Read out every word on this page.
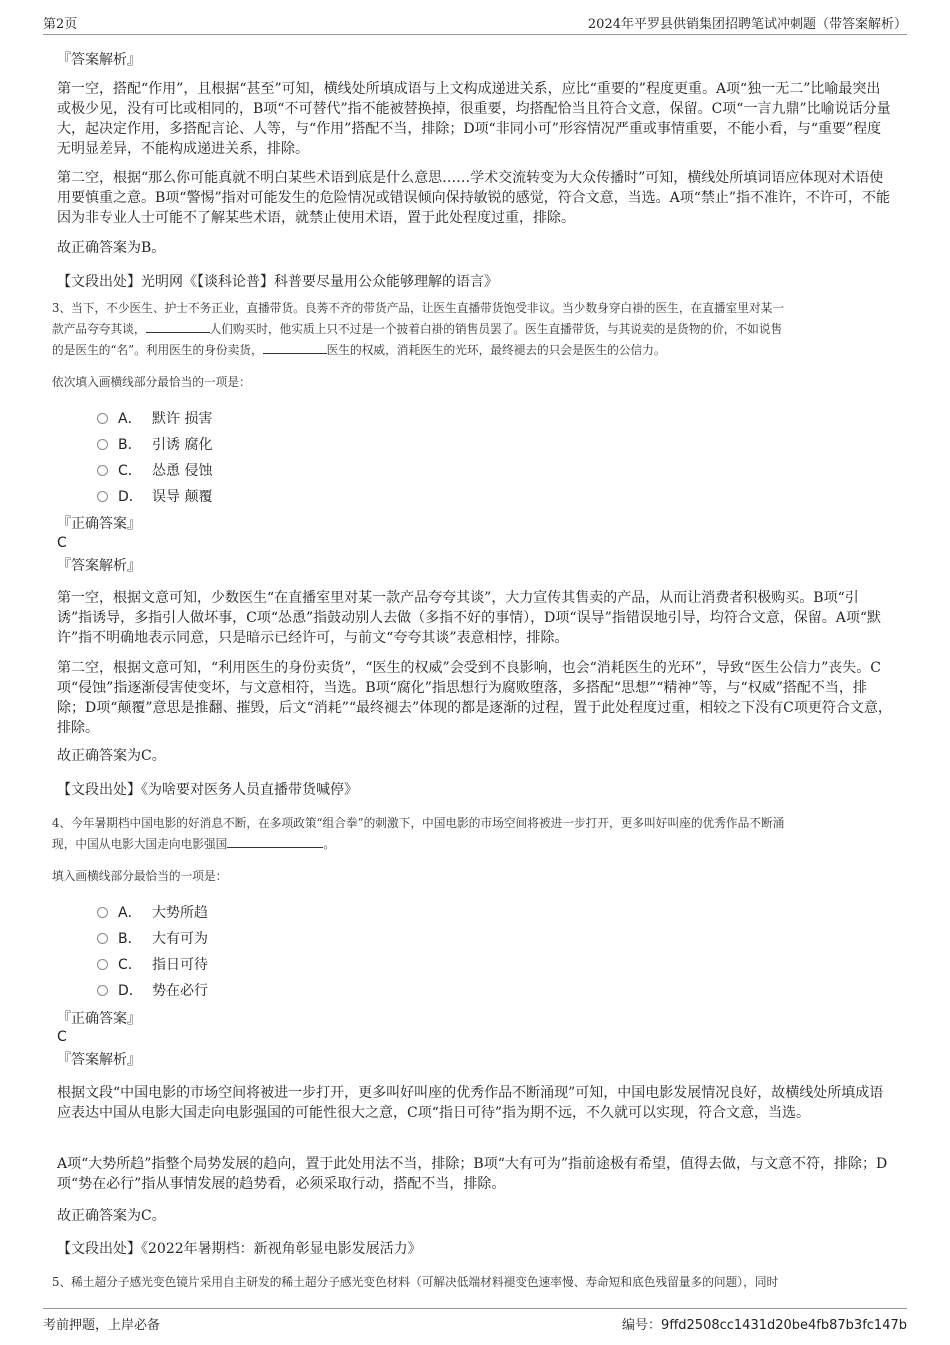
第2页	2024年平罗县供销集团招聘笔试冲刺题（带答案解析）
『答案解析』
第一空，搭配“作用”，且根据“甚至”可知，横线处所填成语与上文构成递进关系，应比“重要的”程度更重。A项“独一无二”比喻最突出或极少见，没有可比或相同的，B项“不可替代”指不能被替换掉，很重要，均搭配恰当且符合文意，保留。C项“一言九鼎”比喻说话分量大，起决定作用，多搭配言论、人等，与“作用”搭配不当，排除；D项“非同小可”形容情况严重或事情重要，不能小看，与“重要”程度无明显差异，不能构成递进关系，排除。
第二空，根据“那么你可能真就不明白某些术语到底是什么意思……学术交流转变为大众传播时”可知，横线处所填词语应体现对术语使用要慎重之意。B项“警惕”指对可能发生的危险情况或错误倾向保持敏锐的感觉，符合文意，当选。A项“禁止”指不准许，不许可，不能因为非专业人士可能不了解某些术语，就禁止使用术语，置于此处程度过重，排除。
故正确答案为B。
【文段出处】光明网《【谈科论普】科普要尽量用公众能够理解的语言》
3、当下，不少医生、护士不务正业，直播带货。良莠不齐的带货产品，让医生直播带货饱受非议。当少数身穿白褂的医生，在直播室里对某一
款产品夸夸其谈，	人们购买时，他实质上只不过是一个披着白褂的销售员罢了。医生直播带货，与其说卖的是货物的价，不如说售
的是医生的“名”。利用医生的身份卖货，	医生的权威，消耗医生的光环，最终褪去的只会是医生的公信力。
依次填入画横线部分最恰当的一项是：
A． 默许 损害
B． 引诱 腐化
C． 怂恿 侵蚀
D． 误导 颠覆
『正确答案』
C
『答案解析』
第一空，根据文意可知，少数医生“在直播室里对某一款产品夸夸其谈”，大力宣传其售卖的产品，从而让消费者积极购买。B项“引诱”指诱导，多指引人做坏事，C项“怂恿”指鼓动别人去做（多指不好的事情），D项“误导”指错误地引导，均符合文意，保留。A项“默许”指不明确地表示同意，只是暗示已经许可，与前文“夸夸其谈”表意相悖，排除。
第二空，根据文意可知，“利用医生的身份卖货”，“医生的权威”会受到不良影响，也会“消耗医生的光环”，导致“医生公信力”丧失。C项“侵蚀”指逐渐侵害使变坏，与文意相符，当选。B项“腐化”指思想行为腐败堕落，多搭配“思想”“精神”等，与“权威”搭配不当，排除；D项“颠覆”意思是推翻、摧毁，后文“消耗”“最终褪去”体现的都是逐渐的过程，置于此处程度过重，相较之下没有C项更符合文意，排除。
故正确答案为C。
【文段出处】《为啥要对医务人员直播带货喊停》
4、今年暑期档中国电影的好消息不断，在多项政策“组合拳”的刺激下，中国电影的市场空间将被进一步打开，更多叫好叫座的优秀作品不断涌
现，中国从电影大国走向电影强国	。
填入画横线部分最恰当的一项是：
A． 大势所趋
B． 大有可为
C． 指日可待
D． 势在必行
『正确答案』
C
『答案解析』
根据文段“中国电影的市场空间将被进一步打开，更多叫好叫座的优秀作品不断涌现”可知，中国电影发展情况良好，故横线处所填成语应表达中国从电影大国走向电影强国的可能性很大之意，C项“指日可待”指为期不远，不久就可以实现，符合文意，当选。
A项“大势所趋”指整个局势发展的趋向，置于此处用法不当，排除；B项“大有可为”指前途极有希望，值得去做，与文意不符，排除；D项“势在必行”指从事情发展的趋势看，必须采取行动，搭配不当，排除。
故正确答案为C。
【文段出处】《2022年暑期档：新视角彰显电影发展活力》
5、稀土超分子感光变色镜片采用自主研发的稀土超分子感光变色材料（可解决低端材料褪变色速率慢、寿命短和底色残留量多的问题），同时
考前押题，上岸必备	编号：9ffd2508cc1431d20be4fb87b3fc147b
